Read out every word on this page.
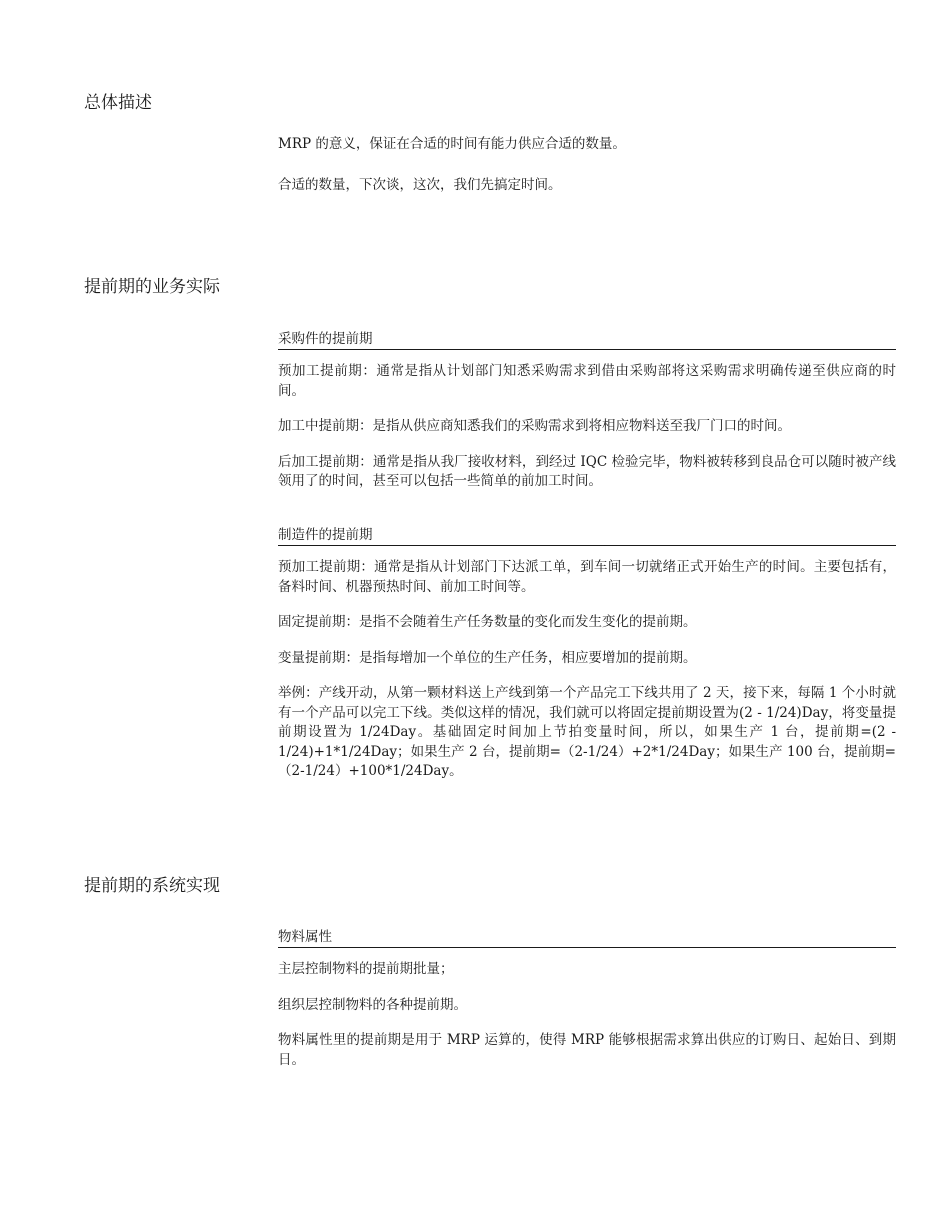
总体描述

MRP 的意义，保证在合适的时间有能力供应合适的数量。

合适的数量，下次谈，这次，我们先搞定时间。

提前期的业务实际
采购件的提前期

预加工提前期：通常是指从计划部门知悉采购需求到借由采购部将这采购需求明确传递至供应商的时间。

加工中提前期：是指从供应商知悉我们的采购需求到将相应物料送至我厂门口的时间。

后加工提前期：通常是指从我厂接收材料，到经过 IQC 检验完毕，物料被转移到良品仓可以随时被产线领用了的时间，甚至可以包括一些简单的前加工时间。

制造件的提前期

预加工提前期：通常是指从计划部门下达派工单，到车间一切就绪正式开始生产的时间。主要包括有，备料时间、机器预热时间、前加工时间等。

固定提前期：是指不会随着生产任务数量的变化而发生变化的提前期。

变量提前期：是指每增加一个单位的生产任务，相应要增加的提前期。

举例：产线开动，从第一颗材料送上产线到第一个产品完工下线共用了 2 天，接下来，每隔 1 个小时就有一个产品可以完工下线。类似这样的情况，我们就可以将固定提前期设置为(2 - 1/24)Day，将变量提前期设置为 1/24Day。基础固定时间加上节拍变量时间，所以，如果生产 1 台，提前期=(2 - 1/24)+1*1/24Day；如果生产 2 台，提前期=（2-1/24）+2*1/24Day；如果生产 100 台，提前期=（2-1/24）+100*1/24Day。

提前期的系统实现
物料属性

主层控制物料的提前期批量；

组织层控制物料的各种提前期。

物料属性里的提前期是用于 MRP 运算的，使得 MRP 能够根据需求算出供应的订购日、起始日、到期日。
